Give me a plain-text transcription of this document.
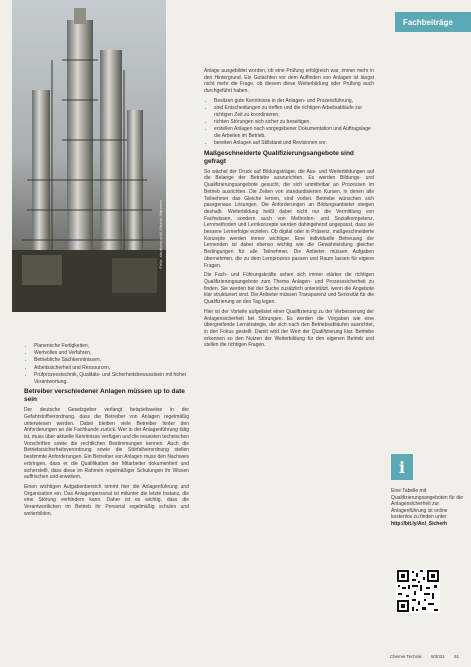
Foto: shutterstock/ Maxim Matveev
Fachbeiträge

Anlage ausgebildet worden, ob eine Prüfung erfolgreich war, immer mehr in den Hintergrund. Ein Gutachten vor dem Auffinden von Anlagen ist längst nicht mehr die Frage, ob diesem diese Weiterbildung oder Prüfung auch durchgeführt haben.

• Besitzen gute Kenntnisse in der Anlagen- und Prozessführung,
• sind Entscheidungen zu treffen und die richtigen Arbeitsabläufe zur richtigen Zeit zu koordinieren,
• richten Störungen sich sicher zu beseitigen,
• erstellen Anlagen nach vorgegebener Dokumentation und Auftragslage die Arbeiten im Betrieb,
• bereiten Anlagen auf Stillstand und Revisionen vor.
Maßgeschneiderte Qualifizierungsangebote sind gefragt

So wächst der Druck auf Bildungsträger, die Aus- und Weiterbildungen auf die Belange der Betriebe auszurichten. Es werden Bildungs- und Qualifizierungsangebote gesucht, die sich unmittelbar an Prozessen im Betrieb ausrichten. Die Zeiten von standardisierten Kursen, in denen alle Teilnehmer das Gleiche lernen, sind vorbei. Betriebe wünschen sich passgenaue Lösungen. Die Anforderungen an Bildungsanbieter steigen deshalb. Weiterbildung heißt dabei nicht nur die Vermittlung von Fachwissen, sondern auch von Methoden- und Sozialkompetenz. Lernmethoden und Lernkonzepte werden dahingehend angepasst, dass sie bessere Lernerfolge erzielen. Ob digital oder in Präsenz, maßgeschneiderte Konzepte werden immer wichtiger. Eine individuelle Betreuung der Lernenden ist dabei ebenso wichtig wie die Gewährleistung gleicher Bedingungen für alle Teilnehmer. Die Anbieter müssen Aufgaben übernehmen, die zu dem Lernprozess passen und Raum lassen für eigene Fragen.

Die Fach- und Führungskräfte sehen sich immer stärker die richtigen Qualifizierungsangebote zum Thema Anlagen- und Prozesssicherheit zu finden. Sie werden bei der Suche zusätzlich unterstützt, wenn die Angebote klar strukturiert sind. Die Anbieter müssen Transparenz und Seriosität für die Qualifizierung an den Tag legen.

Hier ist der Vorteile aufgelistet einer Qualifizierung zu der Verbesserung der Anlagensicherheit bei Störungen. Es werden die Vorgaben wie eine übergreifende Lernstrategie, die sich nach den Betriebsabläufen ausrichtet, in den Fokus gestellt. Damit wird der Wert der Qualifizierung klar. Betriebe erkennen so den Nutzen der Weiterbildung für den eigenen Betrieb und stellen die richtigen Fragen.

• Planerische Fertigkeiten,
• Wertvolles und Verfahren,
• Betriebliche Sachkenntnissen,
• Arbeitssicherheit und Ressourcen,
• Prüfprozesstechnik, Qualitäts- und Sicherheitsbewusstsein mit hoher Verantwortung.
Betreiber verschiedener Anlagen müssen up to date sein

Der deutsche Gesetzgeber verlangt beispielsweise in der Gefahrstoffverordnung, dass die Betreiber von Anlagen regelmäßig unterwiesen werden. Dabei bleiben viele Betreiber hinter den Anforderungen an die Fachkunde zurück. Wer in der Anlagenführung tätig ist, muss über aktuelle Kenntnisse verfügen und die neuesten technischen Vorschriften sowie die rechtlichen Bestimmungen kennen. Auch die Betriebssicherheitsverordnung sowie die Störfallverordnung stellen bestimmte Anforderungen. Ein Betreiber von Anlagen muss den Nachweis erbringen, dass er die Qualifikation der Mitarbeiter dokumentiert und sicherstellt, dass diese im Rahmen regelmäßiger Schulungen ihr Wissen auffrischen und erweitern.

Einen wichtigen Aufgabenbereich nimmt hier die Anlagenführung und Organisation ein. Das Anlagenpersonal ist mitunter die letzte Instanz, die eine Störung verhindern kann. Daher ist es wichtig, dass die Verantwortlichen im Betrieb ihr Personal regelmäßig schulen und weiterbilden.

i
Eine Tabelle mit Qualifizierungsangeboten für die Anlagensicherheit zur Anlagenführung ist online kostenlos zu finden unter
http://bit.ly/Anl_Sicherh
Chemie Technik 9/2021 91
